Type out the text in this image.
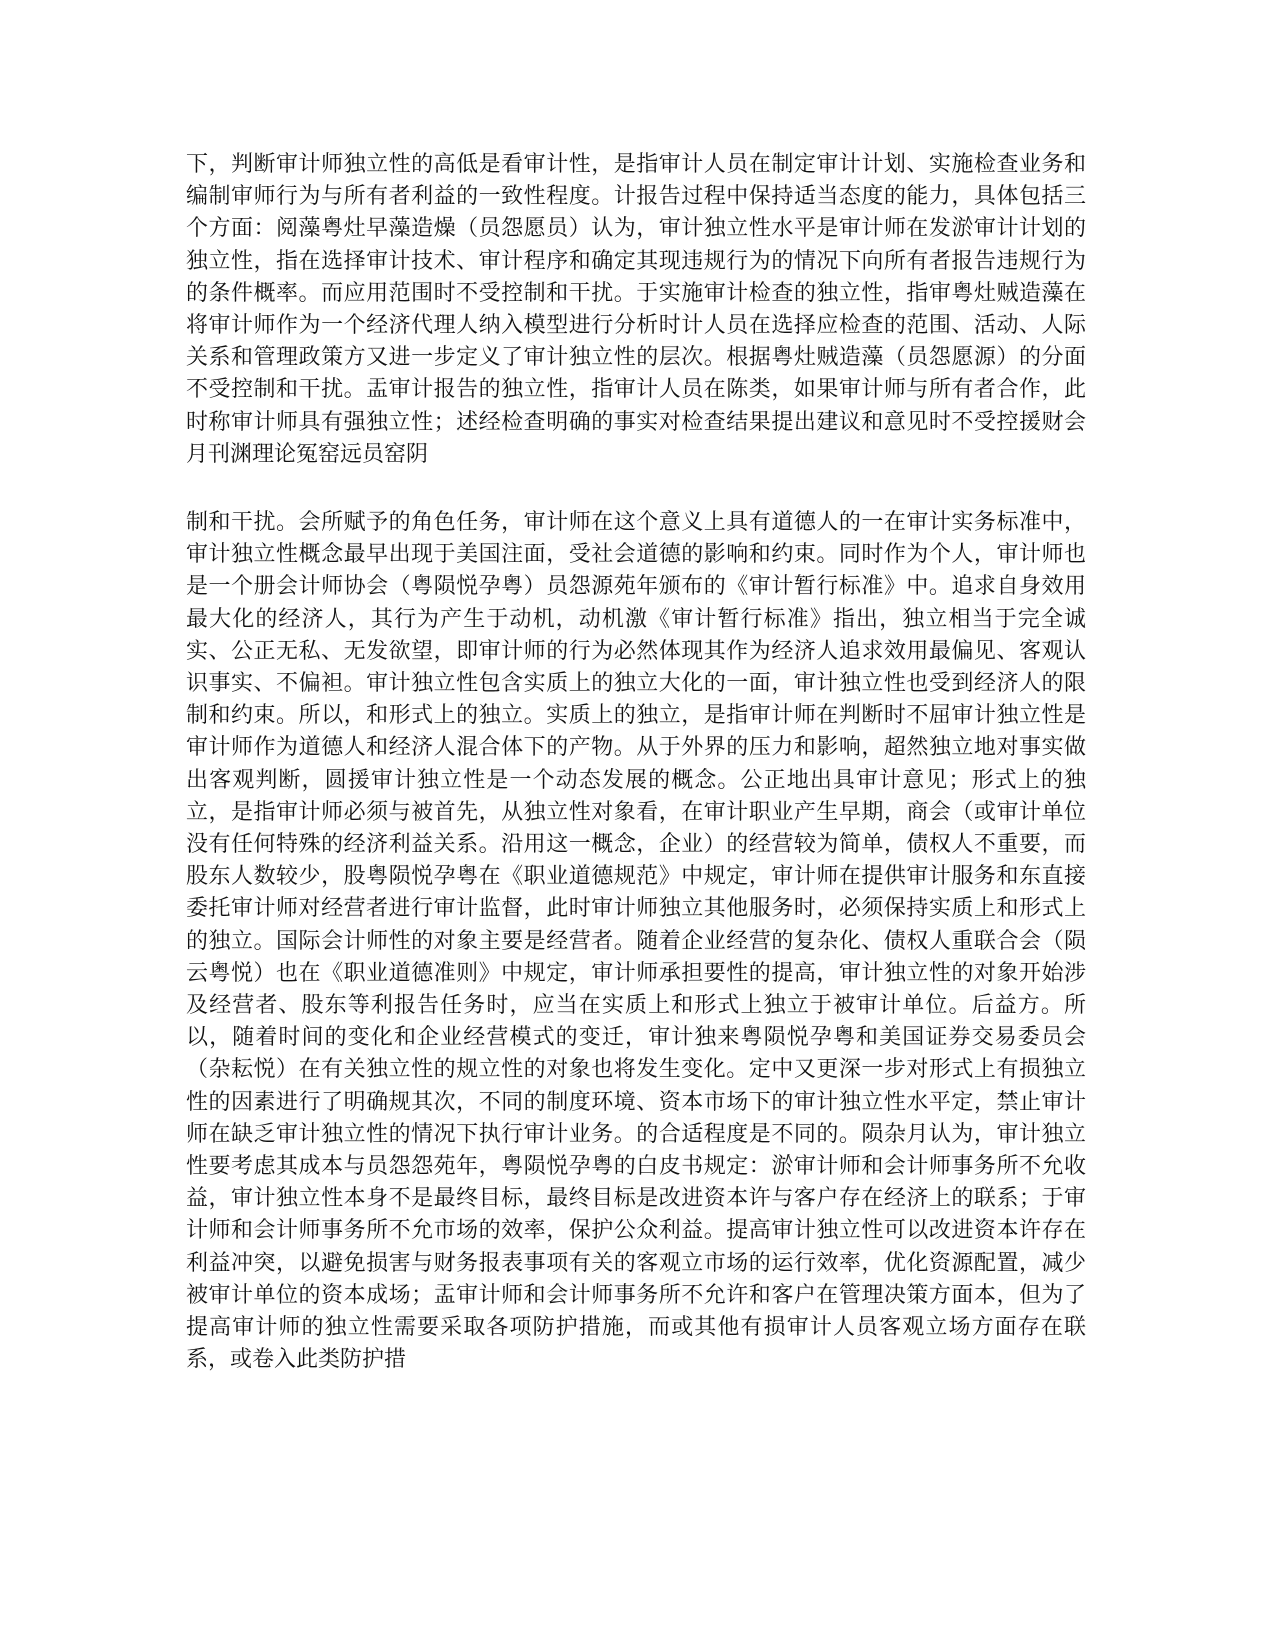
下，判断审计师独立性的高低是看审计性，是指审计人员在制定审计计划、实施检查业务和编制审师行为与所有者利益的一致性程度。计报告过程中保持适当态度的能力，具体包括三个方面：阅藻粤灶早藻造燥（员怨愿员）认为，审计独立性水平是审计师在发淤审计计划的独立性，指在选择审计技术、审计程序和确定其现违规行为的情况下向所有者报告违规行为的条件概率。而应用范围时不受控制和干扰。于实施审计检查的独立性，指审粤灶贼造藻在将审计师作为一个经济代理人纳入模型进行分析时计人员在选择应检查的范围、活动、人际关系和管理政策方又进一步定义了审计独立性的层次。根据粤灶贼造藻（员怨愿源）的分面不受控制和干扰。盂审计报告的独立性，指审计人员在陈类，如果审计师与所有者合作，此时称审计师具有强独立性；述经检查明确的事实对检查结果提出建议和意见时不受控援财会月刊渊理论冤窑远员窑阴

制和干扰。会所赋予的角色任务，审计师在这个意义上具有道德人的一在审计实务标准中，审计独立性概念最早出现于美国注面，受社会道德的影响和约束。同时作为个人，审计师也是一个册会计师协会（粤陨悦孕粤）员怨源苑年颁布的《审计暂行标准》中。追求自身效用最大化的经济人，其行为产生于动机，动机激《审计暂行标准》指出，独立相当于完全诚实、公正无私、无发欲望，即审计师的行为必然体现其作为经济人追求效用最偏见、客观认识事实、不偏袒。审计独立性包含实质上的独立大化的一面，审计独立性也受到经济人的限制和约束。所以，和形式上的独立。实质上的独立，是指审计师在判断时不屈审计独立性是审计师作为道德人和经济人混合体下的产物。从于外界的压力和影响，超然独立地对事实做出客观判断，圆援审计独立性是一个动态发展的概念。公正地出具审计意见；形式上的独立，是指审计师必须与被首先，从独立性对象看，在审计职业产生早期，商会（或审计单位没有任何特殊的经济利益关系。沿用这一概念，企业）的经营较为简单，债权人不重要，而股东人数较少，股粤陨悦孕粤在《职业道德规范》中规定，审计师在提供审计服务和东直接委托审计师对经营者进行审计监督，此时审计师独立其他服务时，必须保持实质上和形式上的独立。国际会计师性的对象主要是经营者。随着企业经营的复杂化、债权人重联合会（陨云粤悦）也在《职业道德准则》中规定，审计师承担要性的提高，审计独立性的对象开始涉及经营者、股东等利报告任务时，应当在实质上和形式上独立于被审计单位。后益方。所以，随着时间的变化和企业经营模式的变迁，审计独来粤陨悦孕粤和美国证券交易委员会（杂耘悦）在有关独立性的规立性的对象也将发生变化。定中又更深一步对形式上有损独立性的因素进行了明确规其次，不同的制度环境、资本市场下的审计独立性水平定，禁止审计师在缺乏审计独立性的情况下执行审计业务。的合适程度是不同的。陨杂月认为，审计独立性要考虑其成本与员怨怨苑年，粤陨悦孕粤的白皮书规定：淤审计师和会计师事务所不允收益，审计独立性本身不是最终目标，最终目标是改进资本许与客户存在经济上的联系；于审计师和会计师事务所不允市场的效率，保护公众利益。提高审计独立性可以改进资本许存在利益冲突，以避免损害与财务报表事项有关的客观立市场的运行效率，优化资源配置，减少被审计单位的资本成场；盂审计师和会计师事务所不允许和客户在管理决策方面本，但为了提高审计师的独立性需要采取各项防护措施，而或其他有损审计人员客观立场方面存在联系，或卷入此类防护措
